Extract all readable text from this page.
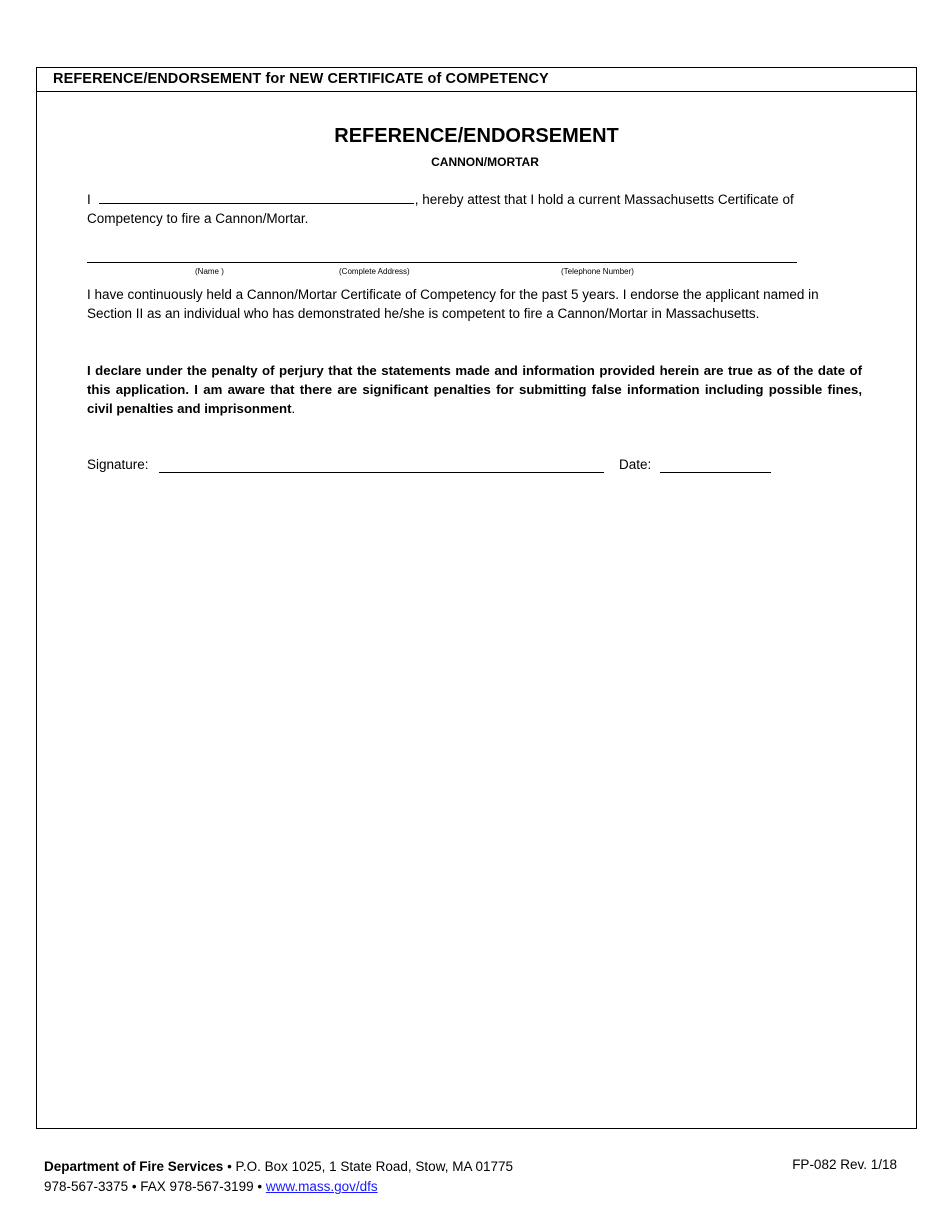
REFERENCE/ENDORSEMENT for NEW CERTIFICATE of COMPETENCY
REFERENCE/ENDORSEMENT
CANNON/MORTAR
I	, hereby attest that I hold a current Massachusetts Certificate of Competency to fire a Cannon/Mortar.
(Name )	(Complete Address)	(Telephone Number)
I have continuously held a Cannon/Mortar Certificate of Competency for the past 5 years. I endorse the applicant named in Section II as an individual who has demonstrated he/she is competent to fire a Cannon/Mortar in Massachusetts.
I declare under the penalty of perjury that the statements made and information provided herein are true as of the date of this application. I am aware that there are significant penalties for submitting false information including possible fines, civil penalties and imprisonment.
Signature:	Date:
Department of Fire Services • P.O. Box 1025, 1 State Road, Stow, MA 01775
978-567-3375 • FAX 978-567-3199 • www.mass.gov/dfs
FP-082 Rev. 1/18
